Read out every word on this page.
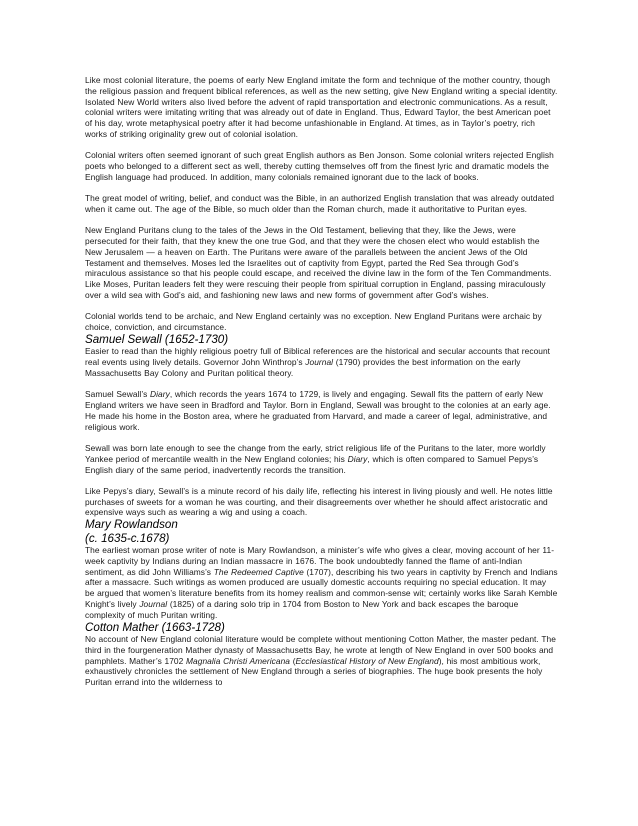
Like most colonial literature, the poems of early New England imitate the form and technique of the mother country, though the religious passion and frequent biblical references, as well as the new setting, give New England writing a special identity. Isolated New World writers also lived before the advent of rapid transportation and electronic communications. As a result, colonial writers were imitating writing that was already out of date in England. Thus, Edward Taylor, the best American poet of his day, wrote metaphysical poetry after it had become unfashionable in England. At times, as in Taylor’s poetry, rich works of striking originality grew out of colonial isolation.

Colonial writers often seemed ignorant of such great English authors as Ben Jonson. Some colonial writers rejected English poets who belonged to a different sect as well, thereby cutting themselves off from the finest lyric and dramatic models the English language had produced. In addition, many colonials remained ignorant due to the lack of books.

The great model of writing, belief, and conduct was the Bible, in an authorized English translation that was already outdated when it came out. The age of the Bible, so much older than the Roman church, made it authoritative to Puritan eyes.

New England Puritans clung to the tales of the Jews in the Old Testament, believing that they, like the Jews, were persecuted for their faith, that they knew the one true God, and that they were the chosen elect who would establish the New Jerusalem — a heaven on Earth. The Puritans were aware of the parallels between the ancient Jews of the Old Testament and themselves. Moses led the Israelites out of captivity from Egypt, parted the Red Sea through God’s miraculous assistance so that his people could escape, and received the divine law in the form of the Ten Commandments. Like Moses, Puritan leaders felt they were rescuing their people from spiritual corruption in England, passing miraculously over a wild sea with God’s aid, and fashioning new laws and new forms of government after God’s wishes.

Colonial worlds tend to be archaic, and New England certainly was no exception. New England Puritans were archaic by choice, conviction, and circumstance.

Samuel Sewall (1652-1730)

Easier to read than the highly religious poetry full of Biblical references are the historical and secular accounts that recount real events using lively details. Governor John Winthrop’s Journal (1790) provides the best information on the early Massachusetts Bay Colony and Puritan political theory.

Samuel Sewall’s Diary, which records the years 1674 to 1729, is lively and engaging. Sewall fits the pattern of early New England writers we have seen in Bradford and Taylor. Born in England, Sewall was brought to the colonies at an early age. He made his home in the Boston area, where he graduated from Harvard, and made a career of legal, administrative, and religious work.

Sewall was born late enough to see the change from the early, strict religious life of the Puritans to the later, more worldly Yankee period of mercantile wealth in the New England colonies; his Diary, which is often compared to Samuel Pepys’s English diary of the same period, inadvertently records the transition.

Like Pepys’s diary, Sewall’s is a minute record of his daily life, reflecting his interest in living piously and well. He notes little purchases of sweets for a woman he was courting, and their disagreements over whether he should affect aristocratic and expensive ways such as wearing a wig and using a coach.

Mary Rowlandson
(c. 1635-c.1678)

The earliest woman prose writer of note is Mary Rowlandson, a minister’s wife who gives a clear, moving account of her 11-week captivity by Indians during an Indian massacre in 1676. The book undoubtedly fanned the flame of anti-Indian sentiment, as did John Williams’s The Redeemed Captive (1707), describing his two years in captivity by French and Indians after a massacre. Such writings as women produced are usually domestic accounts requiring no special education. It may be argued that women’s literature benefits from its homey realism and common-sense wit; certainly works like Sarah Kemble Knight’s lively Journal (1825) of a daring solo trip in 1704 from Boston to New York and back escapes the baroque complexity of much Puritan writing.

Cotton Mather (1663-1728)

No account of New England colonial literature would be complete without mentioning Cotton Mather, the master pedant. The third in the fourgeneration Mather dynasty of Massachusetts Bay, he wrote at length of New England in over 500 books and pamphlets. Mather’s 1702 Magnalia Christi Americana (Ecclesiastical History of New England), his most ambitious work, exhaustively chronicles the settlement of New England through a series of biographies. The huge book presents the holy Puritan errand into the wilderness to
